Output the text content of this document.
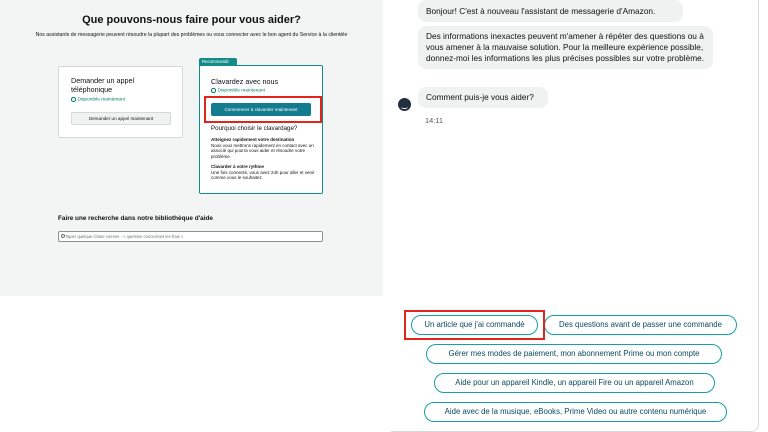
Que pouvons-nous faire pour vous aider?
Nos assistants de messagerie peuvent résoudre la plupart des problèmes ou vous connecter avec le bon agent du Service à la clientèle
Demander un appel téléphonique
Disponible maintenant
Demander un appel maintenant
Recommandé
Clavardez avec nous
Disponible maintenant
Commencer à clavarder maintenant
Pourquoi choisir le clavardage?
Atteignez rapidement votre destination
Nous vous mettrons rapidement en contact avec un associé qui pourra vous aider et résoudre votre problème.
Clavarder à votre rythme
Une fois connecté, vous avez 24h pour aller et venir comme vous le souhaitez.
Faire une recherche dans notre bibliothèque d'aide
Tapez quelque chose comme : « question concernant les frais »
Bonjour! C'est à nouveau l'assistant de messagerie d'Amazon.
Des informations inexactes peuvent m'amener à répéter des questions ou à vous amener à la mauvaise solution. Pour la meilleure expérience possible, donnez-moi les informations les plus précises possibles sur votre problème.
Comment puis-je vous aider?
14:11
Un article que j'ai commandé	Des questions avant de passer une commande
Gérer mes modes de paiement, mon abonnement Prime ou mon compte
Aide pour un appareil Kindle, un appareil Fire ou un appareil Amazon
Aide avec de la musique, eBooks, Prime Video ou autre contenu numérique
